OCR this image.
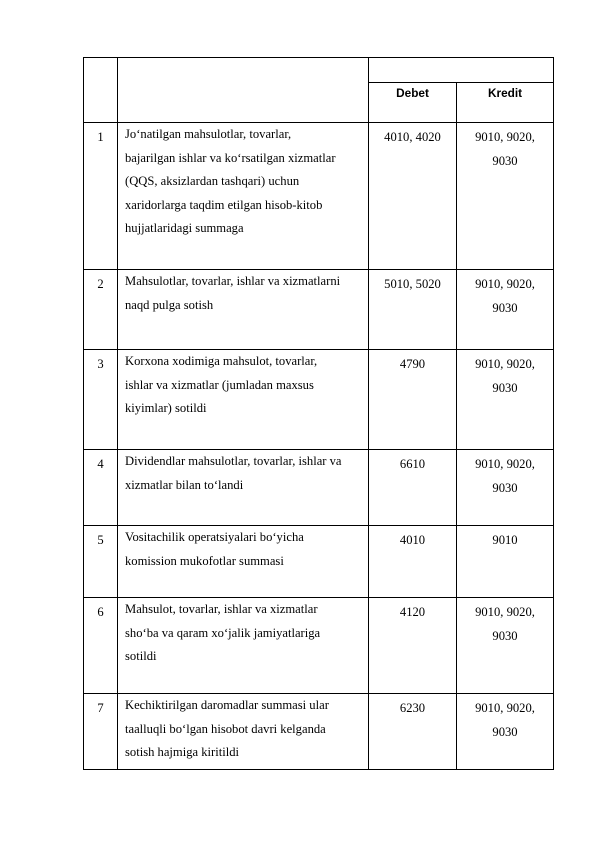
		Debet	Kredit

1	Jo‘natilgan mahsulotlar, tovarlar,
bajarilgan ishlar va ko‘rsatilgan xizmatlar
(QQS, aksizlardan tashqari) uchun
xaridorlarga taqdim etilgan hisob-kitob
hujjatlaridagi summaga	4010, 4020	9010, 9020,
9030

2	Mahsulotlar, tovarlar, ishlar va xizmatlarni
naqd pulga sotish	5010, 5020	9010, 9020,
9030

3	Korxona xodimiga mahsulot, tovarlar,
ishlar va xizmatlar (jumladan maxsus
kiyimlar) sotildi	4790	9010, 9020,
9030

4	Dividendlar mahsulotlar, tovarlar, ishlar va
xizmatlar bilan to‘landi	6610	9010, 9020,
9030

5	Vositachilik operatsiyalari bo‘yicha
komission mukofotlar summasi	4010	9010

6	Mahsulot, tovarlar, ishlar va xizmatlar
sho‘ba va qaram xo‘jalik jamiyatlariga
sotildi	4120	9010, 9020,
9030

7	Kechiktirilgan daromadlar summasi ular
taalluqli bo‘lgan hisobot davri kelganda
sotish hajmiga kiritildi	6230	9010, 9020,
9030
